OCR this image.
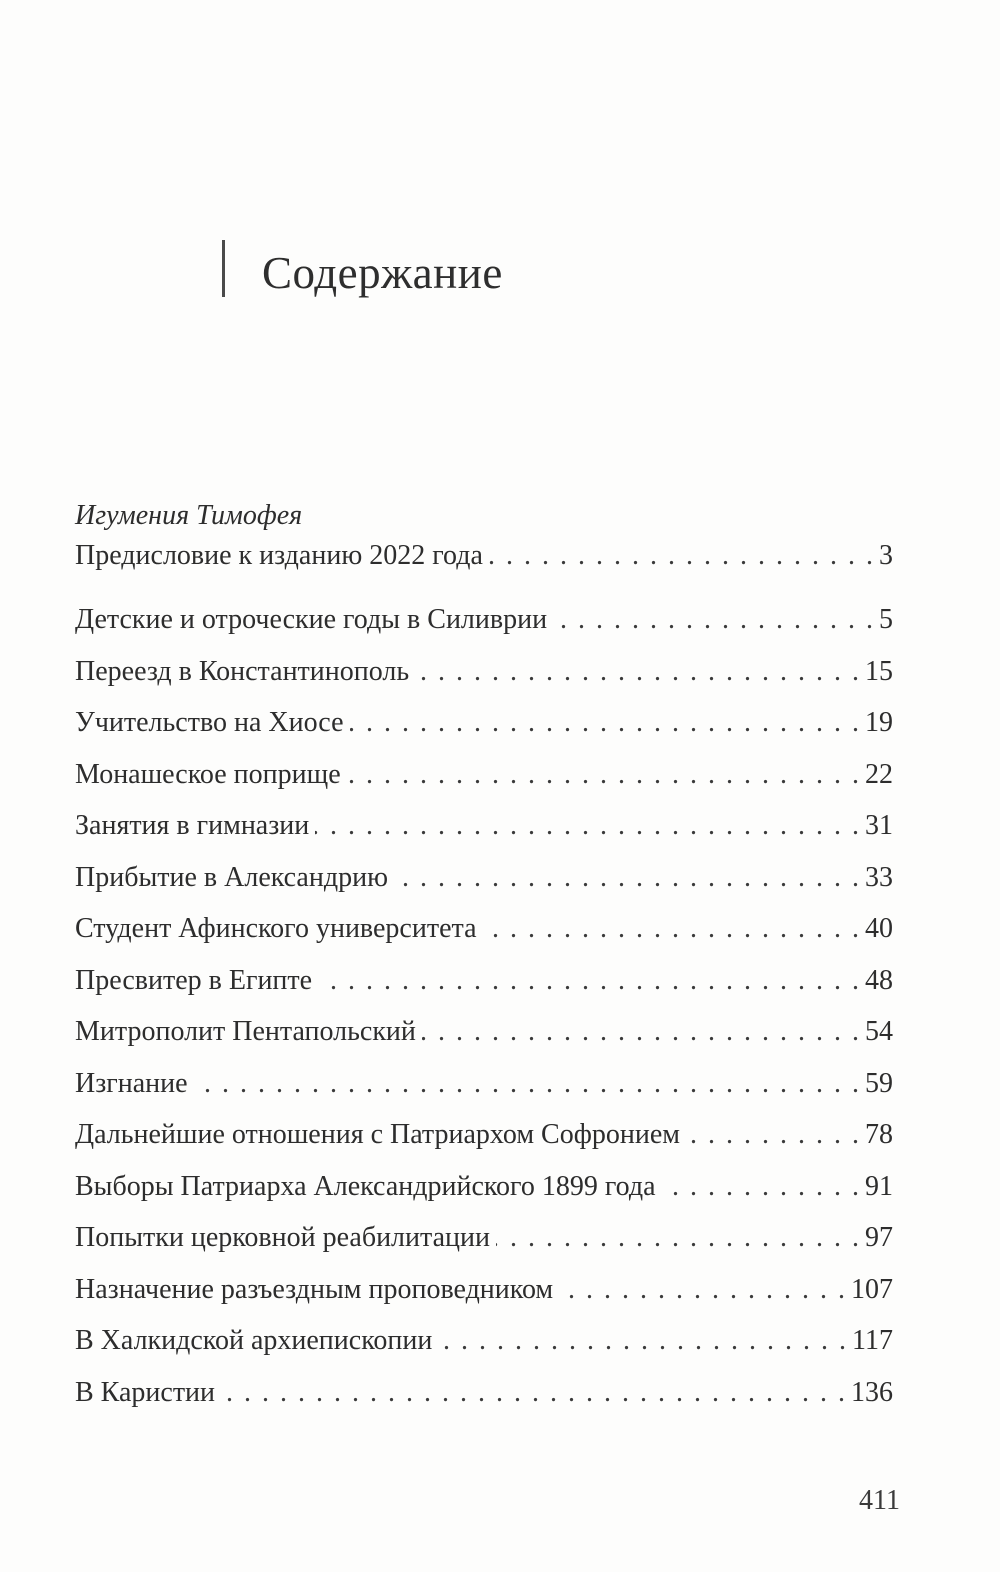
Содержание
Игумения Тимофея
Предисловие к изданию 2022 года . . .	3
Детские и отроческие годы в Силиврии . . .	5
Переезд в Константинополь . . .	15
Учительство на Хиосе . . .	19
Монашеское поприще . . .	22
Занятия в гимназии . . .	31
Прибытие в Александрию . . .	33
Студент Афинского университета . . .	40
Пресвитер в Египте . . .	48
Митрополит Пентапольский . . .	54
Изгнание . . .	59
Дальнейшие отношения с Патриархом Софронием . . .	78
Выборы Патриарха Александрийского 1899 года . . .	91
Попытки церковной реабилитации . . .	97
Назначение разъездным проповедником . . .	107
В Халкидской архиепископии . . .	117
В Каристии . . .	136
411
